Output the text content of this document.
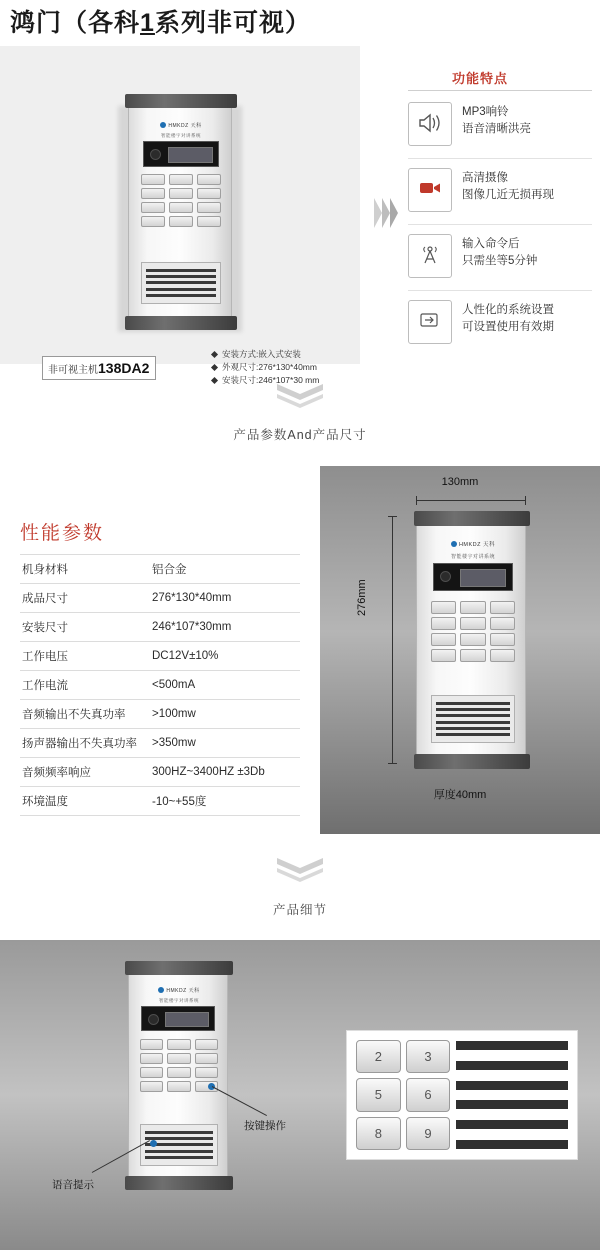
鸿门（各科1系列非可视）
HMKDZ 天科
智能楼宇对讲系统
非可视主机138DA2
安装方式:嵌入式安装
外观尺寸:276*130*40mm
安装尺寸:246*107*30 mm
功能特点
MP3响铃
语音清晰洪亮
高清摄像
图像几近无损再现
输入命令后
只需坐等5分钟
人性化的系统设置
可设置使用有效期
产品参数And产品尺寸
性能参数
机身材料	铝合金
成品尺寸	276*130*40mm
安装尺寸	246*107*30mm
工作电压	DC12V±10%
工作电流	<500mA
音频输出不失真功率	>100mw
扬声器输出不失真功率	>350mw
音频频率响应	300HZ~3400HZ ±3Db
环境温度	-10~+55度
130mm
276mm
厚度40mm
HMKDZ 天科
智能楼宇对讲系统
产品细节
HMKDZ 天科
智能楼宇对讲系统
按键操作
语音提示
2	3
5	6
8	9
